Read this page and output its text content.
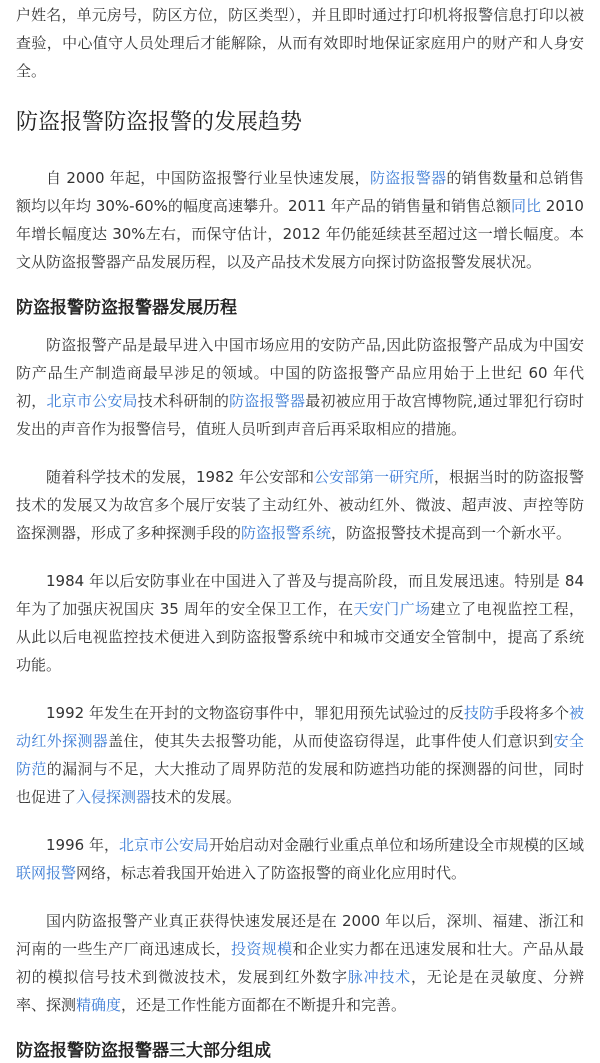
户姓名，单元房号，防区方位，防区类型），并且即时通过打印机将报警信息打印以被查验，中心值守人员处理后才能解除，从而有效即时地保证家庭用户的财产和人身安全。

防盗报警防盗报警的发展趋势

自 2000 年起，中国防盗报警行业呈快速发展，防盗报警器的销售数量和总销售额均以年均 30%-60%的幅度高速攀升。2011 年产品的销售量和销售总额同比 2010 年增长幅度达 30%左右，而保守估计，2012 年仍能延续甚至超过这一增长幅度。本文从防盗报警器产品发展历程，以及产品技术发展方向探讨防盗报警发展状况。

防盗报警防盗报警器发展历程

防盗报警产品是最早进入中国市场应用的安防产品,因此防盗报警产品成为中国安防产品生产制造商最早涉足的领域。中国的防盗报警产品应用始于上世纪 60 年代初，北京市公安局技术科研制的防盗报警器最初被应用于故宫博物院,通过罪犯行窃时发出的声音作为报警信号，值班人员听到声音后再采取相应的措施。

随着科学技术的发展，1982 年公安部和公安部第一研究所，根据当时的防盗报警技术的发展又为故宫多个展厅安装了主动红外、被动红外、微波、超声波、声控等防盗探测器，形成了多种探测手段的防盗报警系统，防盗报警技术提高到一个新水平。

1984 年以后安防事业在中国进入了普及与提高阶段，而且发展迅速。特别是 84 年为了加强庆祝国庆 35 周年的安全保卫工作，在天安门广场建立了电视监控工程，从此以后电视监控技术便进入到防盗报警系统中和城市交通安全管制中，提高了系统功能。

1992 年发生在开封的文物盗窃事件中，罪犯用预先试验过的反技防手段将多个被动红外探测器盖住，使其失去报警功能，从而使盗窃得逞，此事件使人们意识到安全防范的漏洞与不足，大大推动了周界防范的发展和防遮挡功能的探测器的问世，同时也促进了入侵探测器技术的发展。

1996 年，北京市公安局开始启动对金融行业重点单位和场所建设全市规模的区域联网报警网络，标志着我国开始进入了防盗报警的商业化应用时代。

国内防盗报警产业真正获得快速发展还是在 2000 年以后，深圳、福建、浙江和河南的一些生产厂商迅速成长，投资规模和企业实力都在迅速发展和壮大。产品从最初的模拟信号技术到微波技术，发展到红外数字脉冲技术，无论是在灵敏度、分辨率、探测精确度，还是工作性能方面都在不断提升和完善。

防盗报警防盗报警器三大部分组成
